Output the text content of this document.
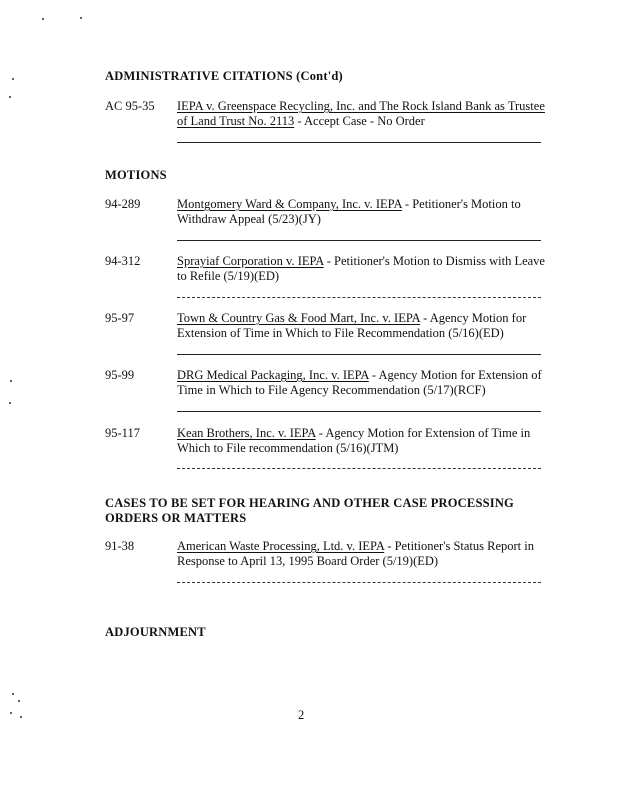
ADMINISTRATIVE CITATIONS (Cont'd)
AC 95-35 IEPA v. Greenspace Recycling, Inc. and The Rock Island Bank as Trustee of Land Trust No. 2113 - Accept Case - No Order
MOTIONS
94-289	Montgomery Ward & Company, Inc. v. IEPA - Petitioner's Motion to Withdraw Appeal (5/23)(JY)
94-312	Sprayiaf Corporation v. IEPA - Petitioner's Motion to Dismiss with Leave to Refile (5/19)(ED)
95-97	Town & Country Gas & Food Mart, Inc. v. IEPA - Agency Motion for Extension of Time in Which to File Recommendation (5/16)(ED)
95-99	DRG Medical Packaging, Inc. v. IEPA - Agency Motion for Extension of Time in Which to File Agency Recommendation (5/17)(RCF)
95-117	Kean Brothers, Inc. v. IEPA - Agency Motion for Extension of Time in Which to File recommendation (5/16)(JTM)
CASES TO BE SET FOR HEARING AND OTHER CASE PROCESSING
ORDERS OR MATTERS
91-38	American Waste Processing, Ltd. v. IEPA - Petitioner's Status Report in Response to April 13, 1995 Board Order (5/19)(ED)
ADJOURNMENT
2
